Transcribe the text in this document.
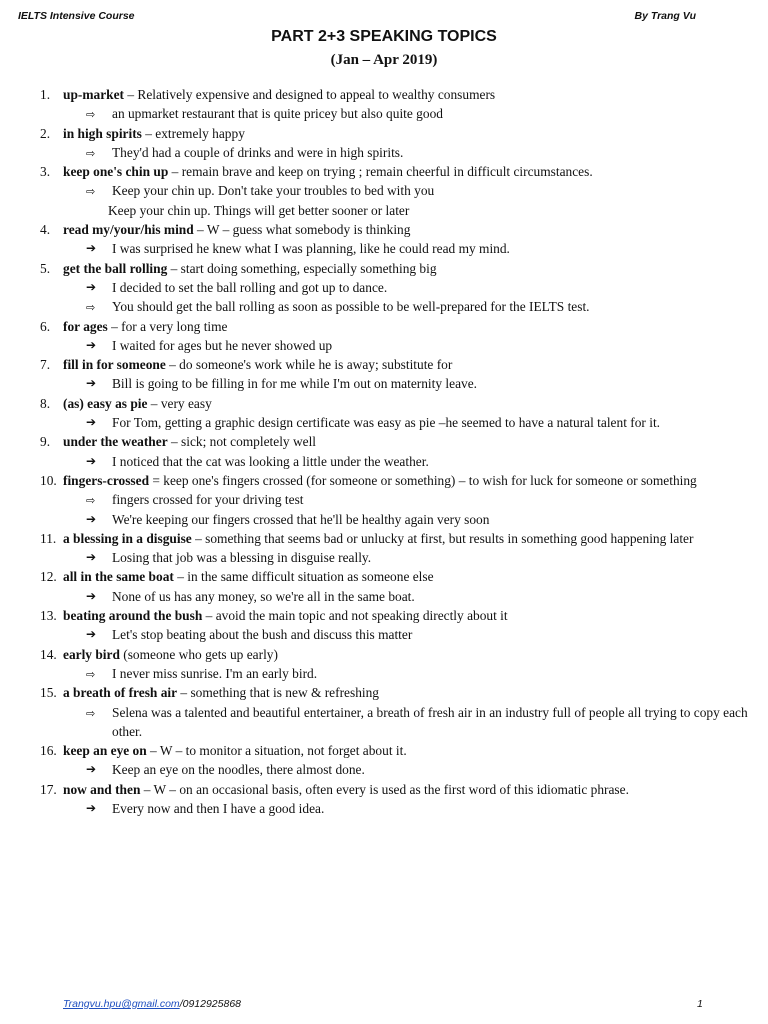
IELTS Intensive Course	By Trang Vu
PART 2+3 SPEAKING TOPICS
(Jan – Apr 2019)
1. up-market – Relatively expensive and designed to appeal to wealthy consumers
⇨ an upmarket restaurant that is quite pricey but also quite good
2. in high spirits – extremely happy
⇨ They'd had a couple of drinks and were in high spirits.
3. keep one's chin up – remain brave and keep on trying ; remain cheerful in difficult circumstances.
⇨ Keep your chin up. Don't take your troubles to bed with you
Keep your chin up. Things will get better sooner or later
4. read my/your/his mind – W – guess what somebody is thinking
➔ I was surprised he knew what I was planning, like he could read my mind.
5. get the ball rolling – start doing something, especially something big
➔ I decided to set the ball rolling and got up to dance.
⇨ You should get the ball rolling as soon as possible to be well-prepared for the IELTS test.
6. for ages – for a very long time
➔ I waited for ages but he never showed up
7. fill in for someone – do someone's work while he is away; substitute for
➔ Bill is going to be filling in for me while I'm out on maternity leave.
8. (as) easy as pie – very easy
➔ For Tom, getting a graphic design certificate was easy as pie –he seemed to have a natural talent for it.
9. under the weather – sick; not completely well
➔ I noticed that the cat was looking a little under the weather.
10. fingers-crossed = keep one's fingers crossed (for someone or something) – to wish for luck for someone or something
⇨ fingers crossed for your driving test
➔ We're keeping our fingers crossed that he'll be healthy again very soon
11. a blessing in a disguise – something that seems bad or unlucky at first, but results in something good happening later
➔ Losing that job was a blessing in disguise really.
12. all in the same boat – in the same difficult situation as someone else
➔ None of us has any money, so we're all in the same boat.
13. beating around the bush – avoid the main topic and not speaking directly about it
➔ Let's stop beating about the bush and discuss this matter
14. early bird (someone who gets up early)
⇨ I never miss sunrise. I'm an early bird.
15. a breath of fresh air – something that is new & refreshing
⇨ Selena was a talented and beautiful entertainer, a breath of fresh air in an industry full of people all trying to copy each other.
16. keep an eye on – W – to monitor a situation, not forget about it.
➔ Keep an eye on the noodles, there almost done.
17. now and then – W – on an occasional basis, often every is used as the first word of this idiomatic phrase.
➔ Every now and then I have a good idea.
Trangvu.hpu@gmail.com/0912925868	1
